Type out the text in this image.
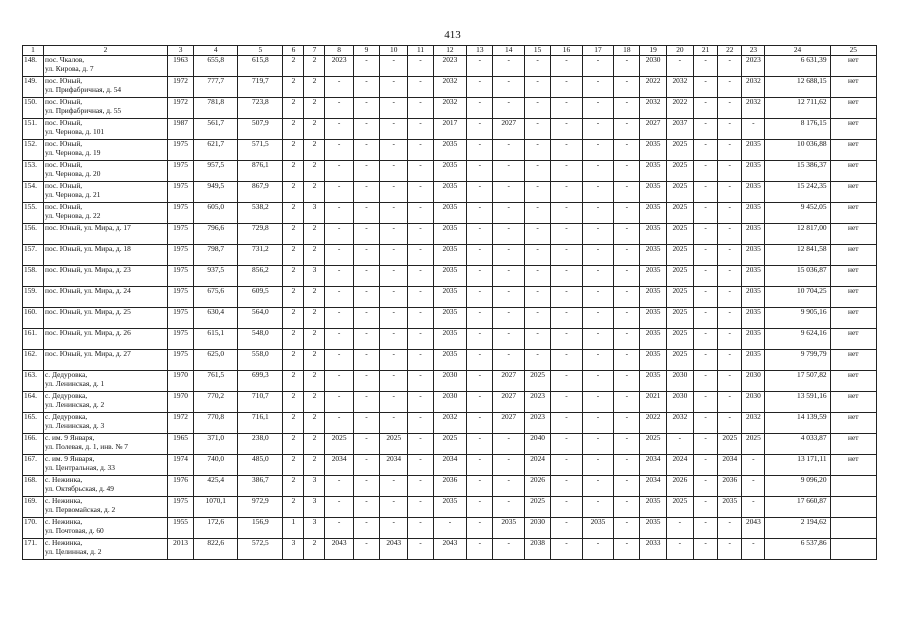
413
1	2	3	4	5	6	7	8	9	10	11	12	13	14	15	16	17	18	19	20	21	22	23	24	25
148.	пос. Чкалов,
ул. Кирова, д. 7	1963	655,8	615,8	2	2	2023	-	-	-	2023	-	-	-	-	-	-	2030	-	-	-	2023	6 631,39	нет
149.	пос. Юный,
ул. Прифабричная, д. 54	1972	777,7	719,7	2	2	-	-	-	-	2032	-	-	-	-	-	-	2022	2032	-	-	2032	12 688,15	нет
150.	пос. Юный,
ул. Прифабричная, д. 55	1972	781,8	723,8	2	2	-	-	-	-	2032	-	-	-	-	-	-	2032	2022	-	-	2032	12 711,62	нет
151.	пос. Юный,
ул. Чернова, д. 101	1987	561,7	507,9	2	2	-	-	-	-	2017	-	2027	-	-	-	-	2027	2037	-	-	-	8 176,15	нет
152.	пос. Юный,
ул. Чернова, д. 19	1975	621,7	571,5	2	2	-	-	-	-	2035	-	-	-	-	-	-	2035	2025	-	-	2035	10 036,88	нет
153.	пос. Юный,
ул. Чернова, д. 20	1975	957,5	876,1	2	2	-	-	-	-	2035	-	-	-	-	-	-	2035	2025	-	-	2035	15 386,37	нет
154.	пос. Юный,
ул. Чернова, д. 21	1975	949,5	867,9	2	2	-	-	-	-	2035	-	-	-	-	-	-	2035	2025	-	-	2035	15 242,35	нет
155.	пос. Юный,
ул. Чернова, д. 22	1975	605,0	538,2	2	3	-	-	-	-	2035	-	-	-	-	-	-	2035	2025	-	-	2035	9 452,05	нет
156.	пос. Юный, ул. Мира, д. 17	1975	796,6	729,8	2	2	-	-	-	-	2035	-	-	-	-	-	-	2035	2025	-	-	2035	12 817,00	нет
157.	пос. Юный, ул. Мира, д. 18	1975	798,7	731,2	2	2	-	-	-	-	2035	-	-	-	-	-	-	2035	2025	-	-	2035	12 841,58	нет
158.	пос. Юный, ул. Мира, д. 23	1975	937,5	856,2	2	3	-	-	-	-	2035	-	-	-	-	-	-	2035	2025	-	-	2035	15 036,87	нет
159.	пос. Юный, ул. Мира, д. 24	1975	675,6	609,5	2	2	-	-	-	-	2035	-	-	-	-	-	-	2035	2025	-	-	2035	10 704,25	нет
160.	пос. Юный, ул. Мира, д. 25	1975	630,4	564,0	2	2	-	-	-	-	2035	-	-	-	-	-	-	2035	2025	-	-	2035	9 905,16	нет
161.	пос. Юный, ул. Мира, д. 26	1975	615,1	548,0	2	2	-	-	-	-	2035	-	-	-	-	-	-	2035	2025	-	-	2035	9 624,16	нет
162.	пос. Юный, ул. Мира, д. 27	1975	625,0	558,0	2	2	-	-	-	-	2035	-	-	-	-	-	-	2035	2025	-	-	2035	9 799,79	нет
163.	с. Дедуровка,
ул. Ленинская, д. 1	1970	761,5	699,3	2	2	-	-	-	-	2030	-	2027	2025	-	-	-	2035	2030	-	-	2030	17 507,82	нет
164.	с. Дедуровка,
ул. Ленинская, д. 2	1970	770,2	710,7	2	2	-	-	-	-	2030	-	2027	2023	-	-	-	2021	2030	-	-	2030	13 591,16	нет
165.	с. Дедуровка,
ул. Ленинская, д. 3	1972	770,8	716,1	2	2	-	-	-	-	2032	-	2027	2023	-	-	-	2022	2032	-	-	2032	14 139,59	нет
166.	с. им. 9 Января,
ул. Полевая, д. 1, инв. № 7	1965	371,0	238,0	2	2	2025	-	2025	-	2025	-	-	2040	-	-	-	2025	-	-	2025	2025	4 033,87	нет
167.	с. им. 9 Января,
ул. Центральная, д. 33	1974	740,0	485,0	2	2	2034	-	2034	-	2034	-	-	2024	-	-	-	2034	2024	-	2034	-	13 171,11	нет
168.	с. Нежинка,
ул. Октябрьская, д. 49	1976	425,4	386,7	2	3	-	-	-	-	2036	-	-	2026	-	-	-	2034	2026	-	2036	-	9 096,20	
169.	с. Нежинка,
ул. Первомайская, д. 2	1975	1070,1	972,9	2	3	-	-	-	-	2035	-	-	2025	-	-	-	2035	2025	-	2035	-	17 660,87	
170.	с. Нежинка,
ул. Почтовая, д. 60	1955	172,6	156,9	1	3	-	-	-	-	-	-	2035	2030	-	2035	-	2035	-	-	-	2043	2 194,62	
171.	с. Нежинка,
ул. Целинная, д. 2	2013	822,6	572,5	3	2	2043	-	2043	-	2043	-	-	2038	-	-	-	2033	-	-	-	-	6 537,86	
